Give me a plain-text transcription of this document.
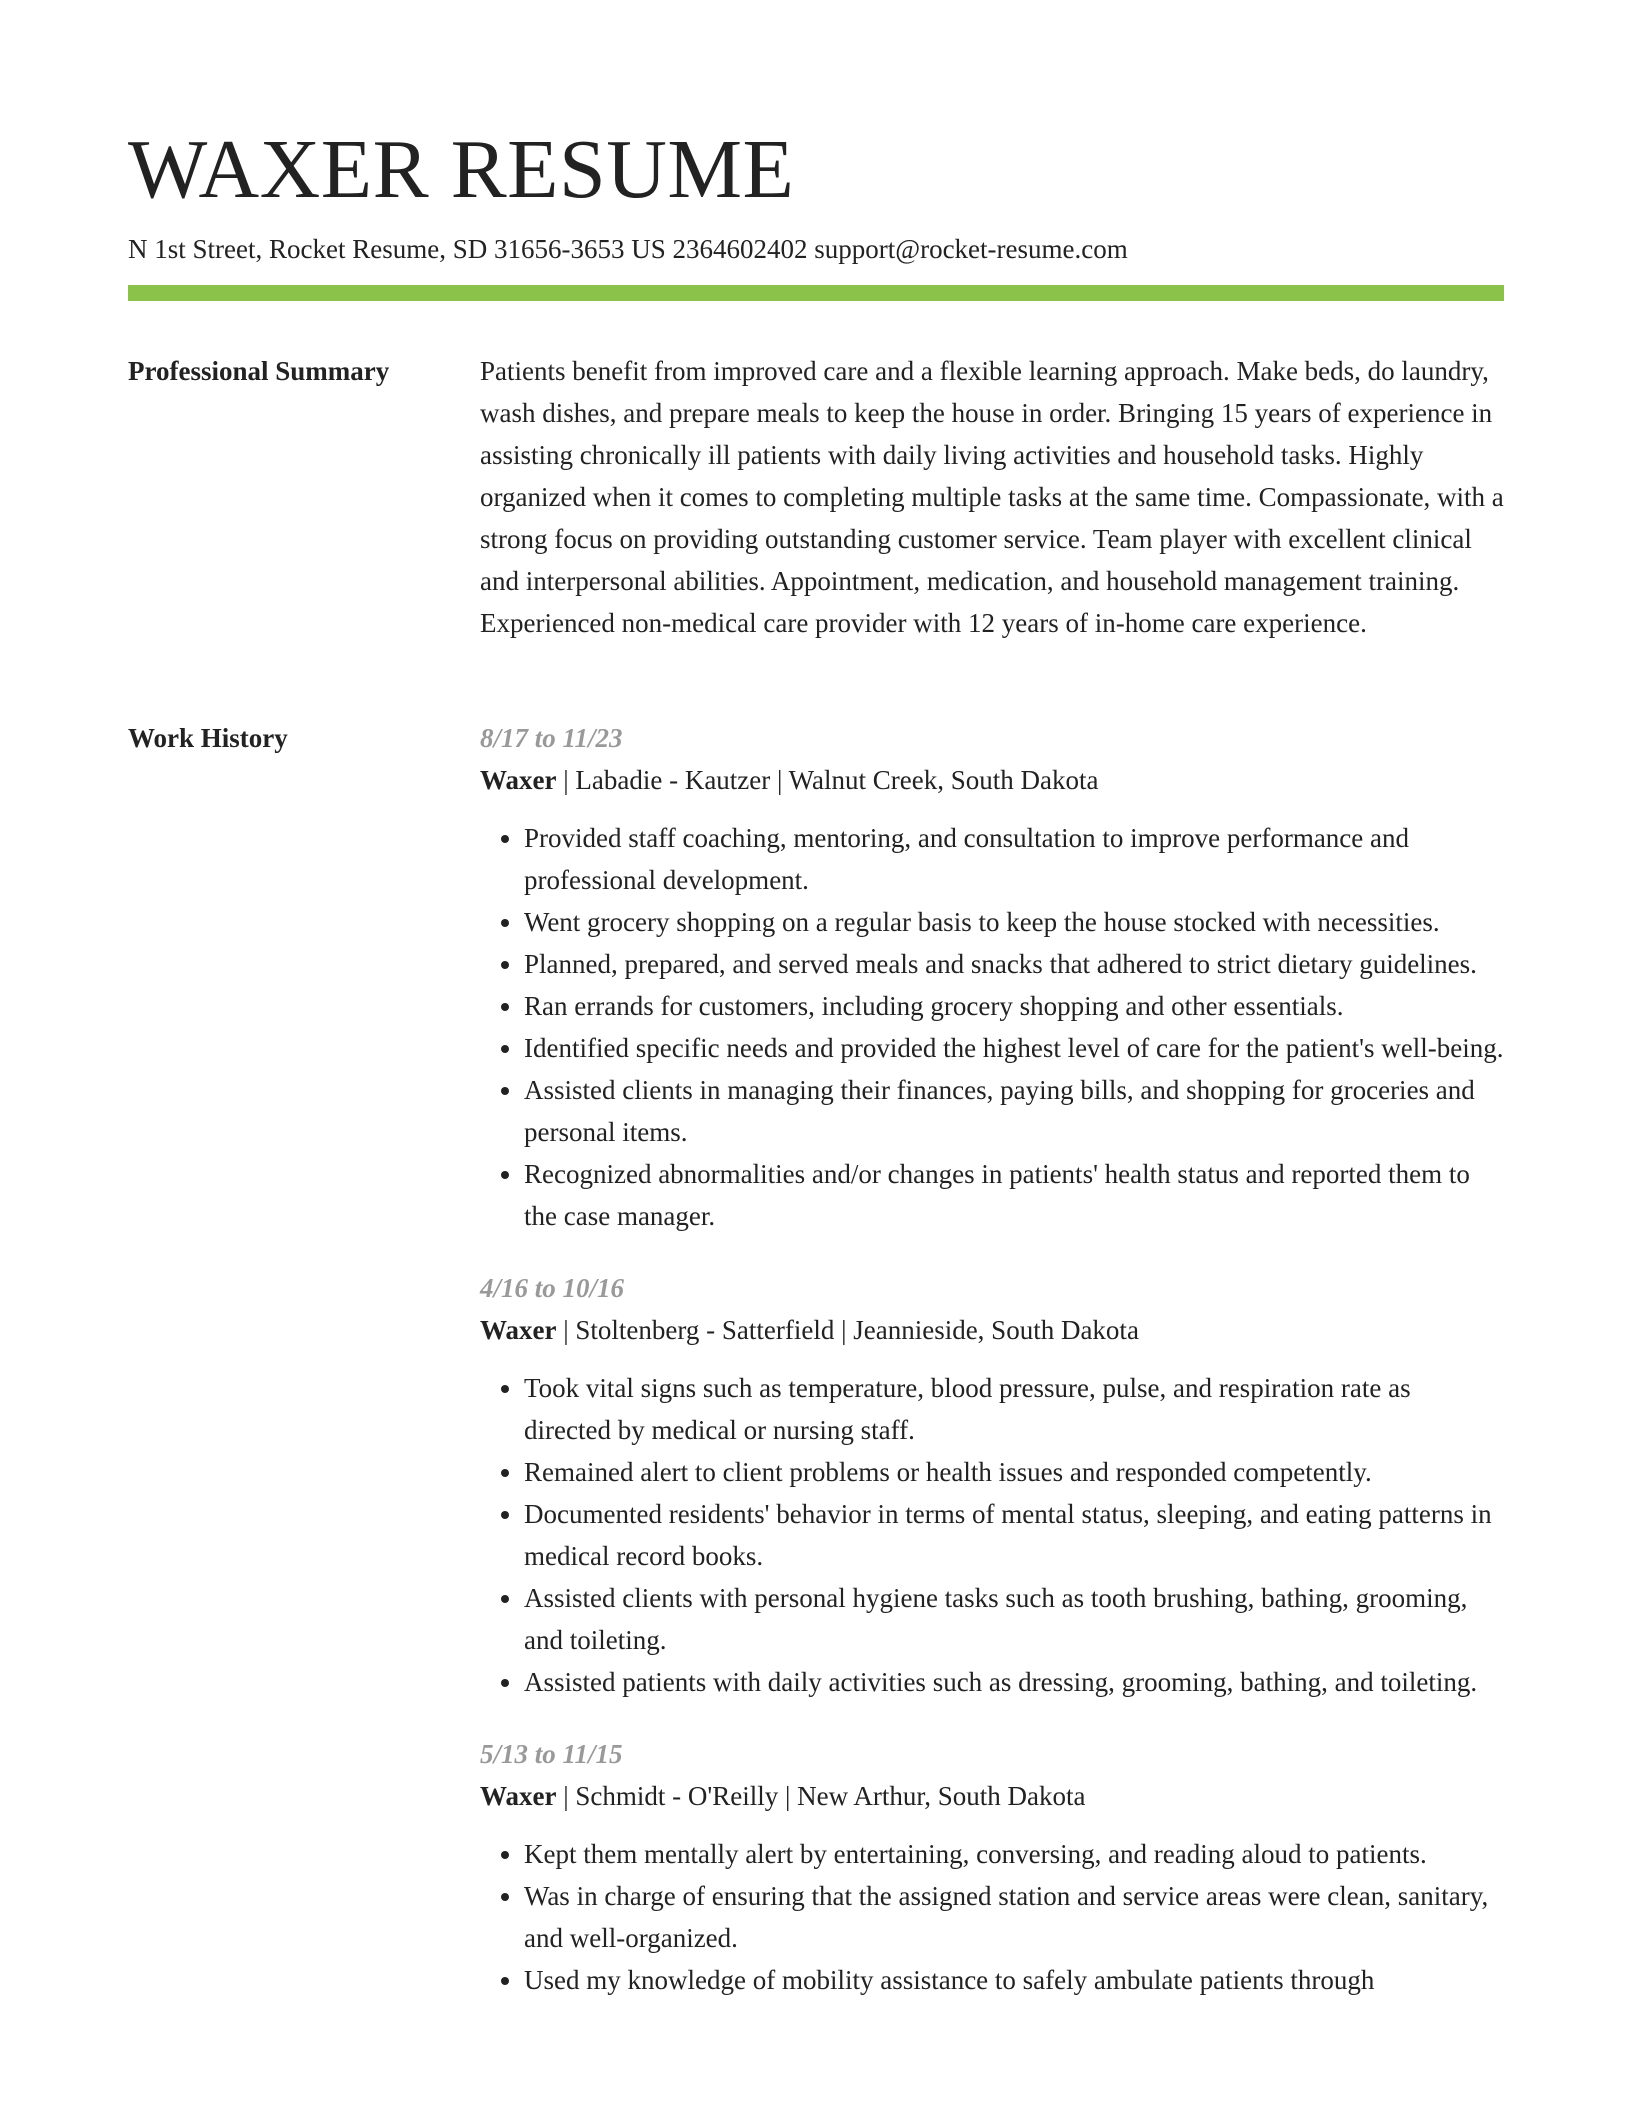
WAXER RESUME
N 1st Street, Rocket Resume, SD 31656-3653 US 2364602402 support@rocket-resume.com
Professional Summary	Patients benefit from improved care and a flexible learning approach. Make beds, do laundry, wash dishes, and prepare meals to keep the house in order. Bringing 15 years of experience in assisting chronically ill patients with daily living activities and household tasks. Highly organized when it comes to completing multiple tasks at the same time. Compassionate, with a strong focus on providing outstanding customer service. Team player with excellent clinical and interpersonal abilities. Appointment, medication, and household management training. Experienced non-medical care provider with 12 years of in-home care experience.

Work History	8/17 to 11/23
Waxer | Labadie - Kautzer | Walnut Creek, South Dakota
• Provided staff coaching, mentoring, and consultation to improve performance and professional development.
• Went grocery shopping on a regular basis to keep the house stocked with necessities.
• Planned, prepared, and served meals and snacks that adhered to strict dietary guidelines.
• Ran errands for customers, including grocery shopping and other essentials.
• Identified specific needs and provided the highest level of care for the patient's well-being.
• Assisted clients in managing their finances, paying bills, and shopping for groceries and personal items.
• Recognized abnormalities and/or changes in patients' health status and reported them to the case manager.
4/16 to 10/16
Waxer | Stoltenberg - Satterfield | Jeannieside, South Dakota
• Took vital signs such as temperature, blood pressure, pulse, and respiration rate as directed by medical or nursing staff.
• Remained alert to client problems or health issues and responded competently.
• Documented residents' behavior in terms of mental status, sleeping, and eating patterns in medical record books.
• Assisted clients with personal hygiene tasks such as tooth brushing, bathing, grooming, and toileting.
• Assisted patients with daily activities such as dressing, grooming, bathing, and toileting.
5/13 to 11/15
Waxer | Schmidt - O'Reilly | New Arthur, South Dakota
• Kept them mentally alert by entertaining, conversing, and reading aloud to patients.
• Was in charge of ensuring that the assigned station and service areas were clean, sanitary, and well-organized.
• Used my knowledge of mobility assistance to safely ambulate patients through
